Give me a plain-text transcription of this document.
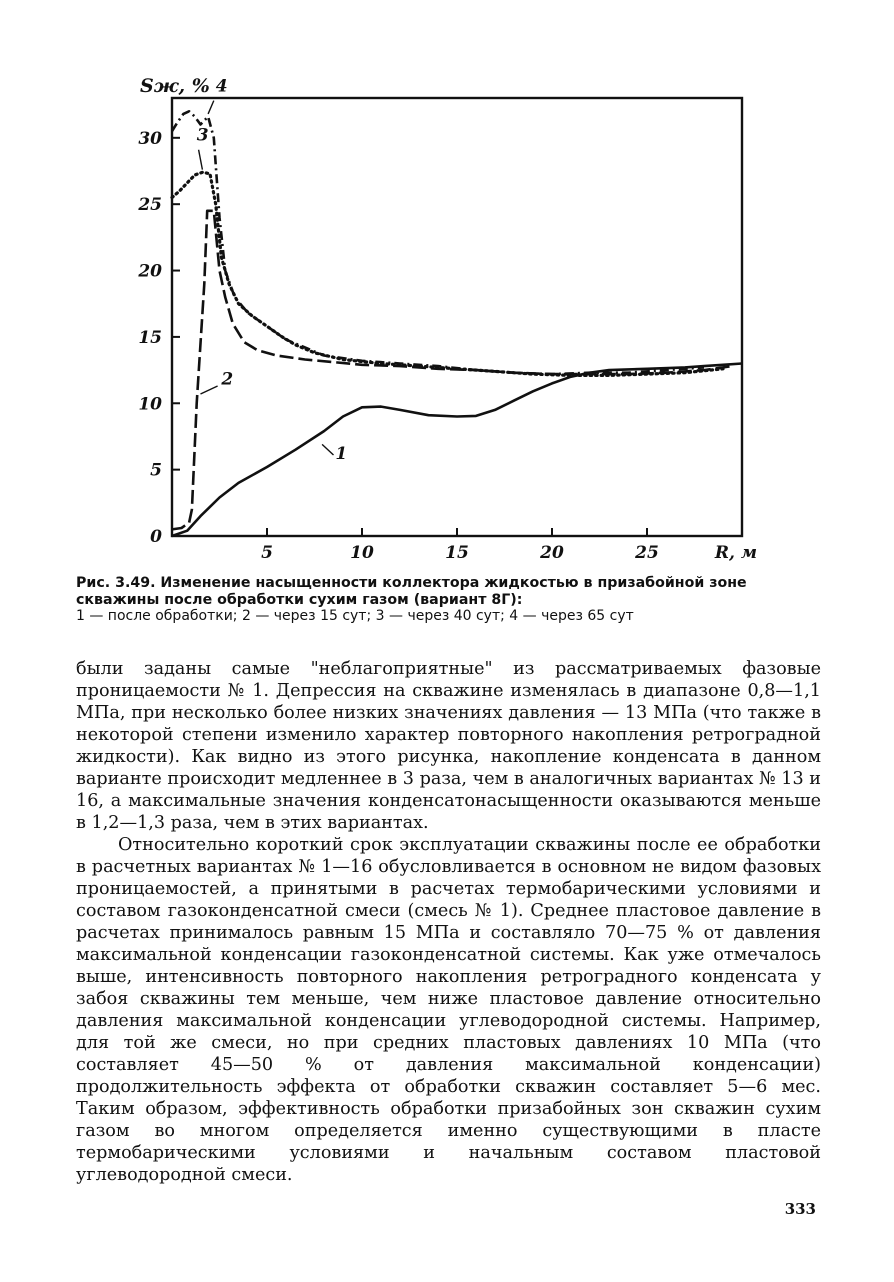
5	10	15	20	25
0
5
10
15
20
25
30
1
2
3
4
Sж, %
R, м
Рис. 3.49. Изменение насыщенности коллектора жидкостью в призабойной зоне скважины после обработки сухим газом (вариант 8Г):
1 — после обработки; 2 — через 15 сут; 3 — через 40 сут; 4 — через 65 сут

были заданы самые "неблагоприятные" из рассматриваемых фазовые проницаемости № 1. Депрессия на скважине изменялась в диапазоне 0,8—1,1 МПа, при несколько более низких значениях давления — 13 МПа (что также в некоторой степени изменило характер повторного накопления ретроградной жидкости). Как видно из этого рисунка, накопление конденсата в данном варианте происходит медленнее в 3 раза, чем в аналогичных вариантах № 13 и 16, а максимальные значения конденсатонасыщенности оказываются меньше в 1,2—1,3 раза, чем в этих вариантах.

Относительно короткий срок эксплуатации скважины после ее обработки в расчетных вариантах № 1—16 обусловливается в основном не видом фазовых проницаемостей, а принятыми в расчетах термобарическими условиями и составом газоконденсатной смеси (смесь № 1). Среднее пластовое давление в расчетах принималось равным 15 МПа и составляло 70—75 % от давления максимальной конденсации газоконденсатной системы. Как уже отмечалось выше, интенсивность повторного накопления ретроградного конденсата у забоя скважины тем меньше, чем ниже пластовое давление относительно давления максимальной конденсации углеводородной системы. Например, для той же смеси, но при средних пластовых давлениях 10 МПа (что составляет 45—50 % от давления максимальной конденсации) продолжительность эффекта от обработки скважин составляет 5—6 мес. Таким образом, эффективность обработки призабойных зон скважин сухим газом во многом определяется именно существующими в пласте термобарическими условиями и начальным составом пластовой углеводородной смеси.

333
